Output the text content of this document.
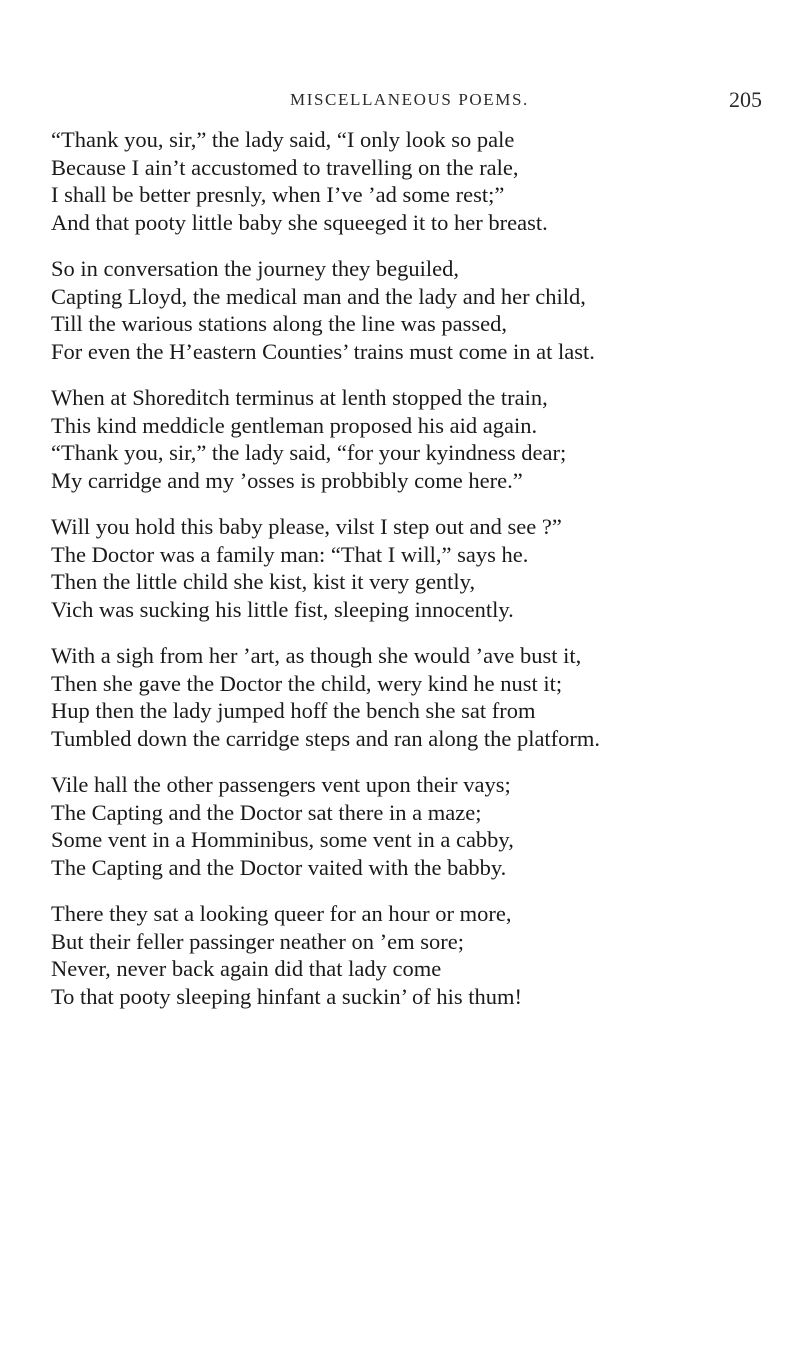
MISCELLANEOUS POEMS.	205
“Thank you, sir,” the lady said, “I only look so pale
Because I ain’t accustomed to travelling on the rale,
I shall be better presnly, when I’ve ’ad some rest;”
And that pooty little baby she squeeged it to her breast.
So in conversation the journey they beguiled,
Capting Lloyd, the medical man and the lady and her child,
Till the warious stations along the line was passed,
For even the H’eastern Counties’ trains must come in at last.
When at Shoreditch terminus at lenth stopped the train,
This kind meddicle gentleman proposed his aid again.
“Thank you, sir,” the lady said, “for your kyindness dear;
My carridge and my ’osses is probbibly come here.”
Will you hold this baby please, vilst I step out and see ?”
The Doctor was a family man: “That I will,” says he.
Then the little child she kist, kist it very gently,
Vich was sucking his little fist, sleeping innocently.
With a sigh from her ’art, as though she would ’ave bust it,
Then she gave the Doctor the child, wery kind he nust it;
Hup then the lady jumped hoff the bench she sat from
Tumbled down the carridge steps and ran along the platform.
Vile hall the other passengers vent upon their vays;
The Capting and the Doctor sat there in a maze;
Some vent in a Homminibus, some vent in a cabby,
The Capting and the Doctor vaited with the babby.
There they sat a looking queer for an hour or more,
But their feller passinger neather on ’em sore;
Never, never back again did that lady come
To that pooty sleeping hinfant a suckin’ of his thum!
